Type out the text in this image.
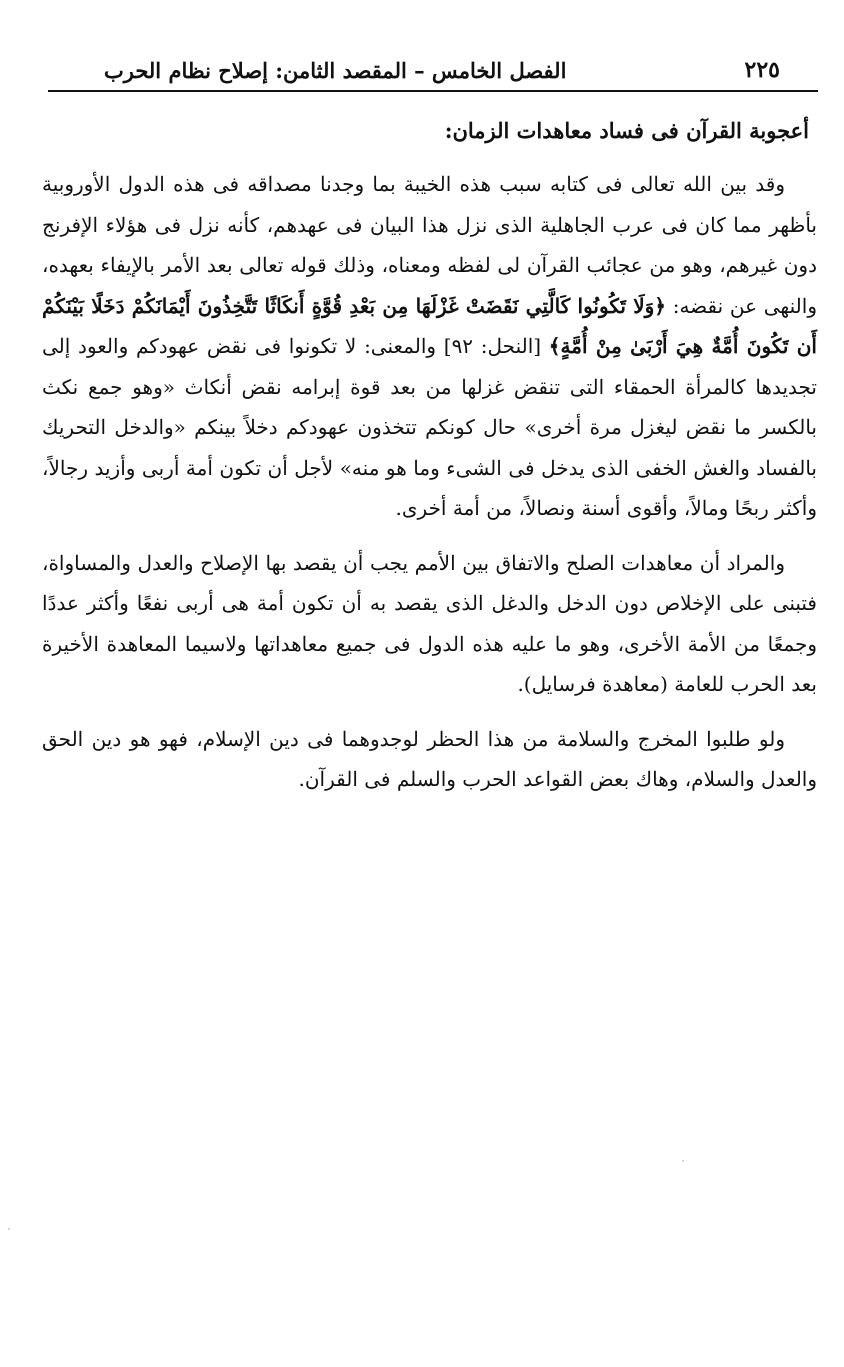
٢٢٥
الفصل الخامس – المقصد الثامن: إصلاح نظام الحرب
أعجوبة القرآن فى فساد معاهدات الزمان:

وقد بين الله تعالى فى كتابه سبب هذه الخيبة بما وجدنا مصداقه فى هذه الدول الأوروبية بأظهر مما كان فى عرب الجاهلية الذى نزل هذا البيان فى عهدهم، كأنه نزل فى هؤلاء الإفرنج دون غيرهم، وهو من عجائب القرآن لى لفظه ومعناه، وذلك قوله تعالى بعد الأمر بالإيفاء بعهده، والنهى عن نقضه: ﴿وَلَا تَكُونُوا كَالَّتِي نَقَضَتْ غَزْلَهَا مِن بَعْدِ قُوَّةٍ أَنكَاثًا تَتَّخِذُونَ أَيْمَانَكُمْ دَخَلًا بَيْنَكُمْ أَن تَكُونَ أُمَّةٌ هِيَ أَرْبَىٰ مِنْ أُمَّةٍ﴾ [النحل: ٩٢] والمعنى: لا تكونوا فى نقض عهودكم والعود إلى تجديدها كالمرأة الحمقاء التى تنقض غزلها من بعد قوة إبرامه نقض أنكاث «وهو جمع نكث بالكسر ما نقض ليغزل مرة أخرى» حال كونكم تتخذون عهودكم دخلاً بينكم «والدخل التحريك بالفساد والغش الخفى الذى يدخل فى الشىء وما هو منه» لأجل أن تكون أمة أربى وأزيد رجالاً، وأكثر ربحًا ومالاً، وأقوى أسنة ونصالاً، من أمة أخرى.

والمراد أن معاهدات الصلح والاتفاق بين الأمم يجب أن يقصد بها الإصلاح والعدل والمساواة، فتبنى على الإخلاص دون الدخل والدغل الذى يقصد به أن تكون أمة هى أربى نفعًا وأكثر عددًا وجمعًا من الأمة الأخرى، وهو ما عليه هذه الدول فى جميع معاهداتها ولاسيما المعاهدة الأخيرة بعد الحرب للعامة (معاهدة فرسايل).

ولو طلبوا المخرج والسلامة من هذا الحظر لوجدوهما فى دين الإسلام، فهو هو دين الحق والعدل والسلام، وهاك بعض القواعد الحرب والسلم فى القرآن.
